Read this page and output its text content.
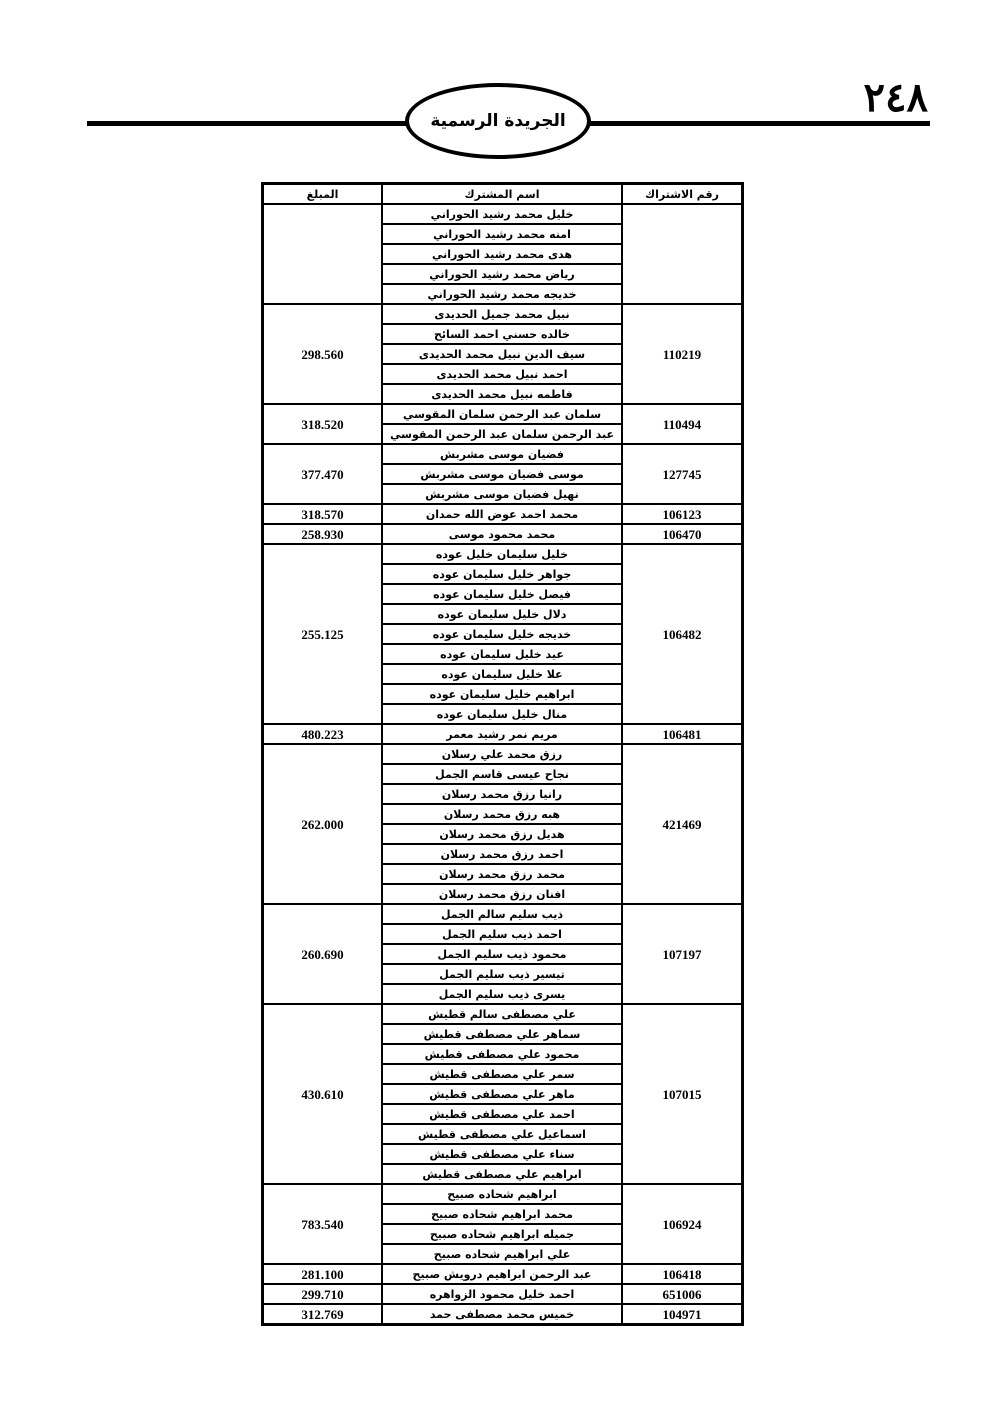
٢٤٨
الجريدة الرسمية
رقم الاشتراك	اسم المشترك	المبلغ
	خليل محمد رشيد الحوراني	
	امنه محمد رشيد الحوراني	
	هدى محمد رشيد الحوراني	
	رياض محمد رشيد الحوراني	
	خديجه محمد رشيد الحوراني	
110219	نبيل محمد جميل الحديدى	298.560
	خالده حسني احمد السائح	
	سيف الدين نبيل محمد الحديدى	
	احمد نبيل محمد الحديدى	
	فاطمه نبيل محمد الحديدى	
110494	سلمان عبد الرحمن سلمان المقوسي	318.520
	عبد الرحمن سلمان عبد الرحمن المقوسي	
127745	فضيان موسى مشربش	377.470
	موسى فضيان موسى مشربش	
	نهيل فضيان موسى مشربش	
106123	محمد احمد عوض الله حمدان	318.570
106470	محمد محمود موسى	258.930
106482	خليل سليمان خليل عوده	255.125
	جواهر خليل سليمان عوده	
	فيصل خليل سليمان عوده	
	دلال خليل سليمان عوده	
	خديجه خليل سليمان عوده	
	عيد خليل سليمان عوده	
	علا خليل سليمان عوده	
	ابراهيم خليل سليمان عوده	
	منال خليل سليمان عوده	
106481	مريم نمر رشيد معمر	480.223
421469	رزق محمد علي رسلان	262.000
	نجاح عيسى قاسم الجمل	
	رانيا رزق محمد رسلان	
	هبه رزق محمد رسلان	
	هديل رزق محمد رسلان	
	احمد رزق محمد رسلان	
	محمد رزق محمد رسلان	
	افنان رزق محمد رسلان	
107197	ذيب سليم سالم الجمل	260.690
	احمد ذيب سليم الجمل	
	محمود ذيب سليم الجمل	
	تيسير ذيب سليم الجمل	
	يسرى ذيب سليم الجمل	
107015	علي مصطفى سالم قطيش	430.610
	سماهر علي مصطفى قطيش	
	محمود علي مصطفى قطيش	
	سمر علي مصطفى قطيش	
	ماهر علي مصطفى قطيش	
	احمد علي مصطفى قطيش	
	اسماعيل علي مصطفى قطيش	
	سناء علي مصطفى قطيش	
	ابراهيم علي مصطفى قطيش	
106924	ابراهيم شحاده صبيح	783.540
	محمد ابراهيم شحاده صبيح	
	جميله ابراهيم شحاده صبيح	
	علي ابراهيم شحاده صبيح	
106418	عبد الرحمن ابراهيم درويش صبيح	281.100
651006	احمد خليل محمود الزواهره	299.710
104971	خميس محمد مصطفى حمد	312.769
